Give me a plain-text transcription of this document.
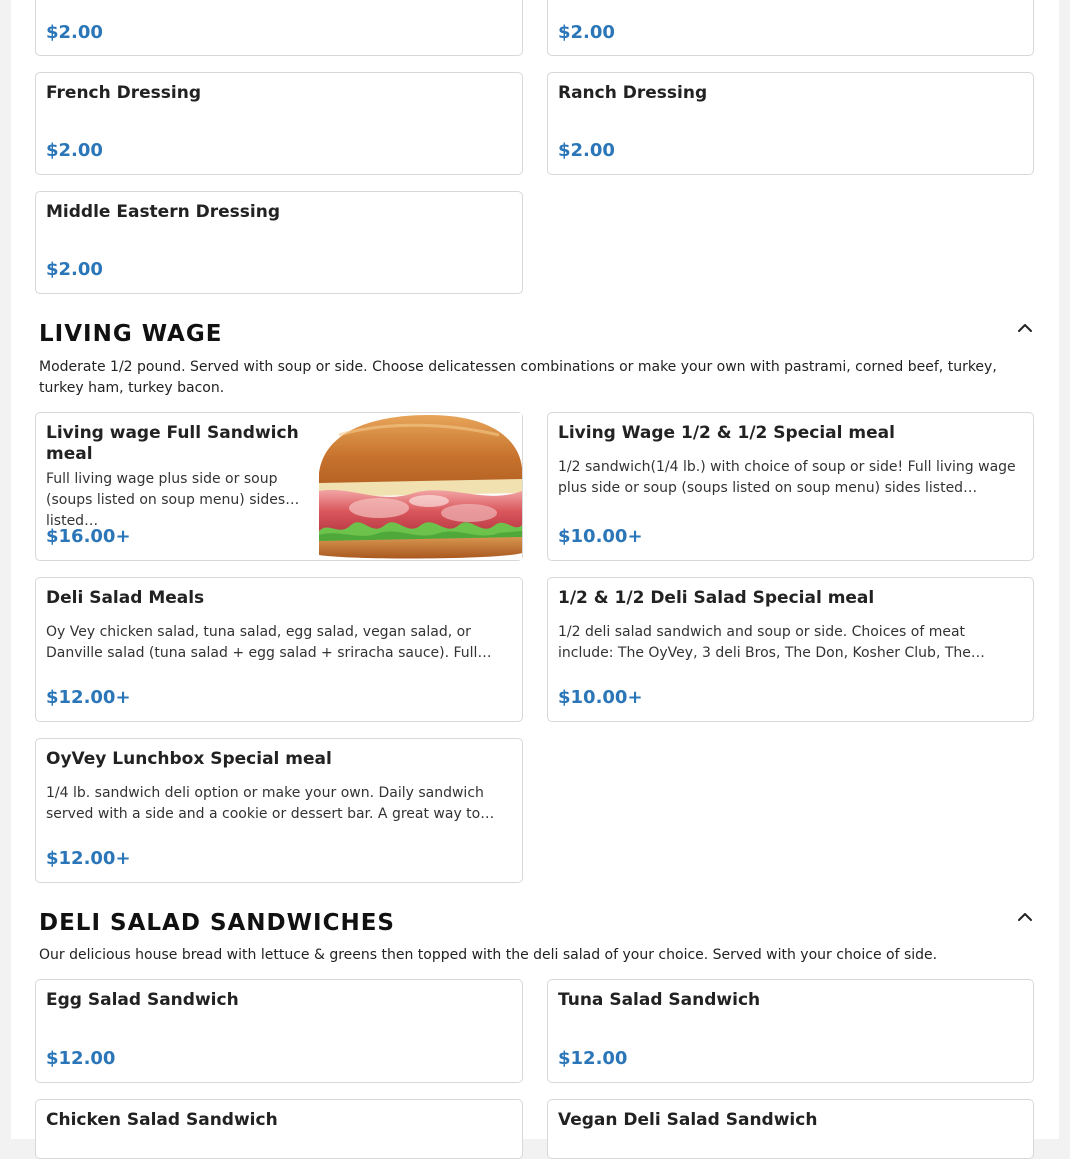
$2.00	$2.00
French Dressing
$2.00
Ranch Dressing
$2.00
Middle Eastern Dressing
$2.00
LIVING WAGE
Moderate 1/2 pound. Served with soup or side. Choose delicatessen combinations or make your own with pastrami, corned beef, turkey, turkey ham, turkey bacon.
Living wage Full Sandwich meal
Full living wage plus side or soup (soups listed on soup menu) sides listed…
$16.00+
Living Wage 1/2 & 1/2 Special meal
1/2 sandwich(1/4 lb.) with choice of soup or side! Full living wage plus side or soup (soups listed on soup menu) sides listed…
$10.00+
Deli Salad Meals
Oy Vey chicken salad, tuna salad, egg salad, vegan salad, or Danville salad (tuna salad + egg salad + sriracha sauce). Full…
$12.00+
1/2 & 1/2 Deli Salad Special meal
1/2 deli salad sandwich and soup or side. Choices of meat include: The OyVey, 3 deli Bros, The Don, Kosher Club, The…
$10.00+
OyVey Lunchbox Special meal
1/4 lb. sandwich deli option or make your own. Daily sandwich served with a side and a cookie or dessert bar. A great way to…
$12.00+
DELI SALAD SANDWICHES
Our delicious house bread with lettuce & greens then topped with the deli salad of your choice. Served with your choice of side.
Egg Salad Sandwich
$12.00
Tuna Salad Sandwich
$12.00
Chicken Salad Sandwich	Vegan Deli Salad Sandwich
